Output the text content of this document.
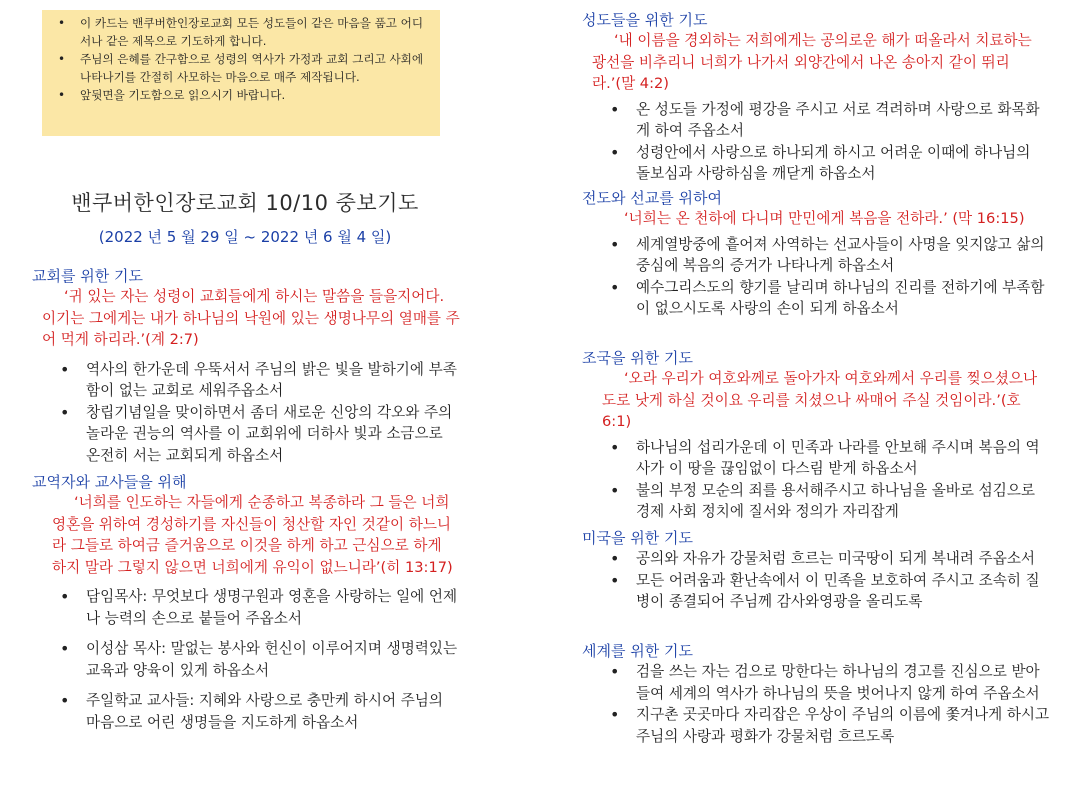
• 이 카드는 밴쿠버한인장로교회 모든 성도들이 같은 마음을 품고 어디서나 같은 제목으로 기도하게 합니다.
• 주님의 은혜를 간구함으로 성령의 역사가 가정과 교회 그리고 사회에 나타나기를 간절히 사모하는 마음으로 매주 제작됩니다.
• 앞뒷면을 기도함으로 읽으시기 바랍니다.
밴쿠버한인장로교회 10/10 중보기도
(2022 년 5 월 29 일 ~ 2022 년 6 월 4 일)
교회를 위한 기도
‘귀 있는 자는 성령이 교회들에게 하시는 말씀을 들을지어다. 이기는 그에게는 내가 하나님의 낙원에 있는 생명나무의 열매를 주어 먹게 하리라.’(계 2:7)
• 역사의 한가운데 우뚝서서 주님의 밝은 빛을 발하기에 부족함이 없는 교회로 세워주옵소서
• 창립기념일을 맞이하면서 좀더 새로운 신앙의 각오와 주의 놀라운 권능의 역사를 이 교회위에 더하사 빛과 소금으로 온전히 서는 교회되게 하옵소서
교역자와 교사들을 위해
‘너희를 인도하는 자들에게 순종하고 복종하라 그 들은 너희 영혼을 위하여 경성하기를 자신들이 청산할 자인 것같이 하느니라 그들로 하여금 즐거움으로 이것을 하게 하고 근심으로 하게 하지 말라 그렇지 않으면 너희에게 유익이 없느니라’(히 13:17)
• 담임목사: 무엇보다 생명구원과 영혼을 사랑하는 일에 언제나 능력의 손으로 붙들어 주옵소서
• 이성삼 목사: 말없는 봉사와 헌신이 이루어지며 생명력있는 교육과 양육이 있게 하옵소서
• 주일학교 교사들: 지혜와 사랑으로 충만케 하시어 주님의 마음으로 어린 생명들을 지도하게 하옵소서
성도들을 위한 기도
‘내 이름을 경외하는 저희에게는 공의로운 해가 떠올라서 치료하는 광선을 비추리니 너희가 나가서 외양간에서 나온 송아지 같이 뛰리라.’(말 4:2)
• 온 성도들 가정에 평강을 주시고 서로 격려하며 사랑으로 화목화게 하여 주옵소서
• 성령안에서 사랑으로 하나되게 하시고 어려운 이때에 하나님의 돌보심과 사랑하심을 깨닫게 하옵소서
전도와 선교를 위하여
‘너희는 온 천하에 다니며 만민에게 복음을 전하라.’ (막 16:15)
• 세계열방중에 흩어져 사역하는 선교사들이 사명을 잊지않고 삶의 중심에 복음의 증거가 나타나게 하옵소서
• 예수그리스도의 향기를 날리며 하나님의 진리를 전하기에 부족함이 없으시도록 사랑의 손이 되게 하옵소서
조국을 위한 기도
‘오라 우리가 여호와께로 돌아가자 여호와께서 우리를 찢으셨으나 도로 낫게 하실 것이요 우리를 치셨으나 싸매어 주실 것임이라.’(호 6:1)
• 하나님의 섭리가운데 이 민족과 나라를 안보해 주시며 복음의 역사가 이 땅을 끊임없이 다스림 받게 하옵소서
• 불의 부정 모순의 죄를 용서해주시고 하나님을 올바로 섬김으로 경제 사회 정치에 질서와 정의가 자리잡게
미국을 위한 기도
• 공의와 자유가 강물처럼 흐르는 미국땅이 되게 복내려 주옵소서
• 모든 어려움과 환난속에서 이 민족을 보호하여 주시고 조속히 질병이 종결되어 주님께 감사와영광을 올리도록
세계를 위한 기도
• 검을 쓰는 자는 검으로 망한다는 하나님의 경고를 진심으로 받아들여 세계의 역사가 하나님의 뜻을 벗어나지 않게 하여 주옵소서
• 지구촌 곳곳마다 자리잡은 우상이 주님의 이름에 쫓겨나게 하시고 주님의 사랑과 평화가 강물처럼 흐르도록
